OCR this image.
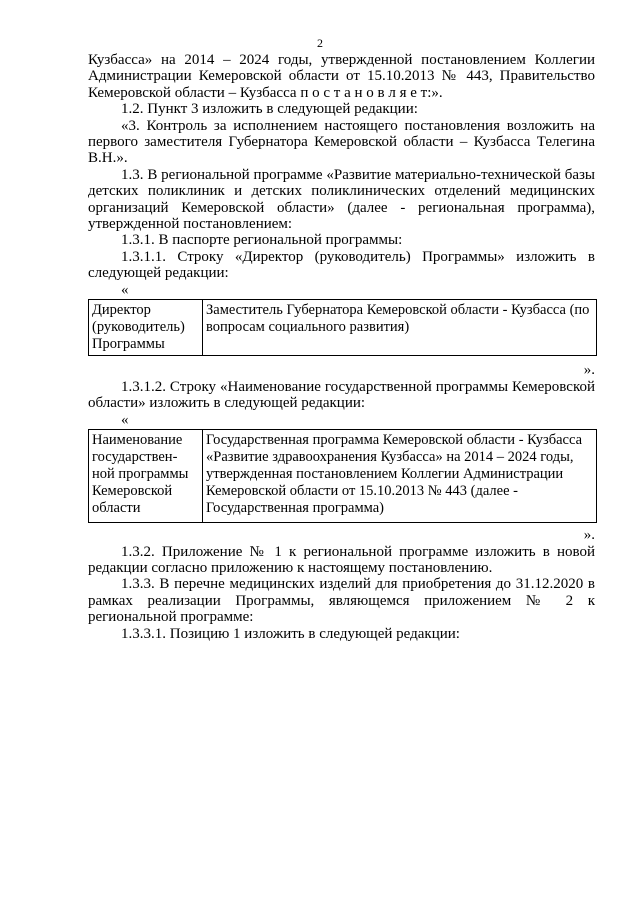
2

Кузбасса» на 2014 – 2024 годы, утвержденной постановлением Коллегии Администрации Кемеровской области от 15.10.2013 № 443, Правительство Кемеровской области – Кузбасса п о с т а н о в л я е т:».

1.2. Пункт 3 изложить в следующей редакции:

«3. Контроль за исполнением настоящего постановления возложить на первого заместителя Губернатора Кемеровской области – Кузбасса Телегина В.Н.».

1.3. В региональной программе «Развитие материально-технической базы детских поликлиник и детских поликлинических отделений медицинских организаций Кемеровской области» (далее - региональная программа), утвержденной постановлением:

1.3.1. В паспорте региональной программы:

1.3.1.1. Строку «Директор (руководитель) Программы» изложить в следующей редакции:

«

Директор (руководитель) Программы	Заместитель Губернатора Кемеровской области - Кузбасса (по вопросам социального развития)

».

1.3.1.2. Строку «Наименование государственной программы Кемеровской области» изложить в следующей редакции:

«

Наименование государствен-ной программы Кемеровской области	Государственная программа Кемеровской области - Кузбасса «Развитие здравоохранения Кузбасса» на 2014 – 2024 годы, утвержденная постановлением Коллегии Администрации Кемеровской области от 15.10.2013 № 443 (далее - Государственная программа)

».

1.3.2. Приложение № 1 к региональной программе изложить в новой редакции согласно приложению к настоящему постановлению.

1.3.3. В перечне медицинских изделий для приобретения до 31.12.2020 в рамках реализации Программы, являющемся приложением № 2 к региональной программе:

1.3.3.1. Позицию 1 изложить в следующей редакции:
